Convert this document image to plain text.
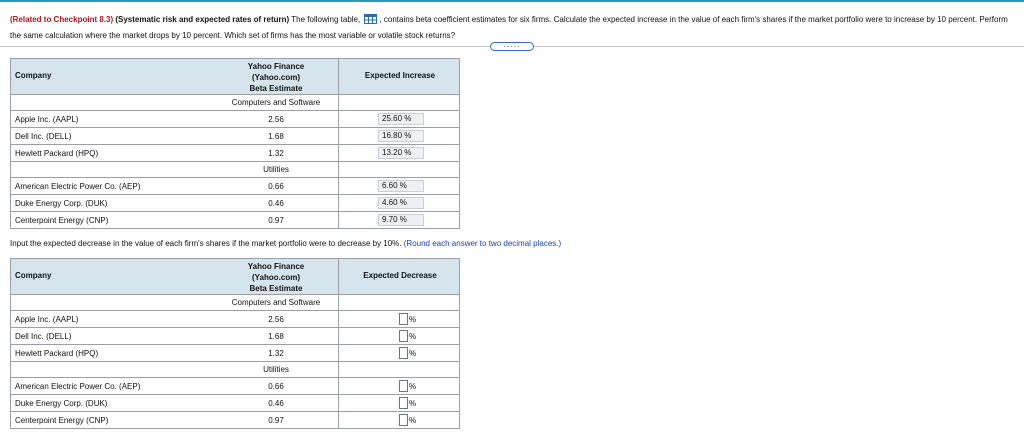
(Related to Checkpoint 8.3) (Systematic risk and expected rates of return) The following table, , contains beta coefficient estimates for six firms. Calculate the expected increase in the value of each firm's shares if the market portfolio were to increase by 10 percent. Perform the same calculation where the market drops by 10 percent. Which set of firms has the most variable or volatile stock returns?
.....
Company
Yahoo Finance
(Yahoo.com)
Beta Estimate
Expected Increase
Computers and Software
Apple Inc. (AAPL)	2.56	25.60 %
Dell Inc. (DELL)	1.68	16.80 %
Hewlett Packard (HPQ)	1.32	13.20 %
Utilities
American Electric Power Co. (AEP)	0.66	6.60 %
Duke Energy Corp. (DUK)	0.46	4.60 %
Centerpoint Energy (CNP)	0.97	9.70 %
Input the expected decrease in the value of each firm's shares if the market portfolio were to decrease by 10%. (Round each answer to two decimal places.)
Company
Yahoo Finance
(Yahoo.com)
Beta Estimate
Expected Decrease
Computers and Software
Apple Inc. (AAPL)	2.56	%
Dell Inc. (DELL)	1.68	%
Hewlett Packard (HPQ)	1.32	%
Utilities
American Electric Power Co. (AEP)	0.66	%
Duke Energy Corp. (DUK)	0.46	%
Centerpoint Energy (CNP)	0.97	%
